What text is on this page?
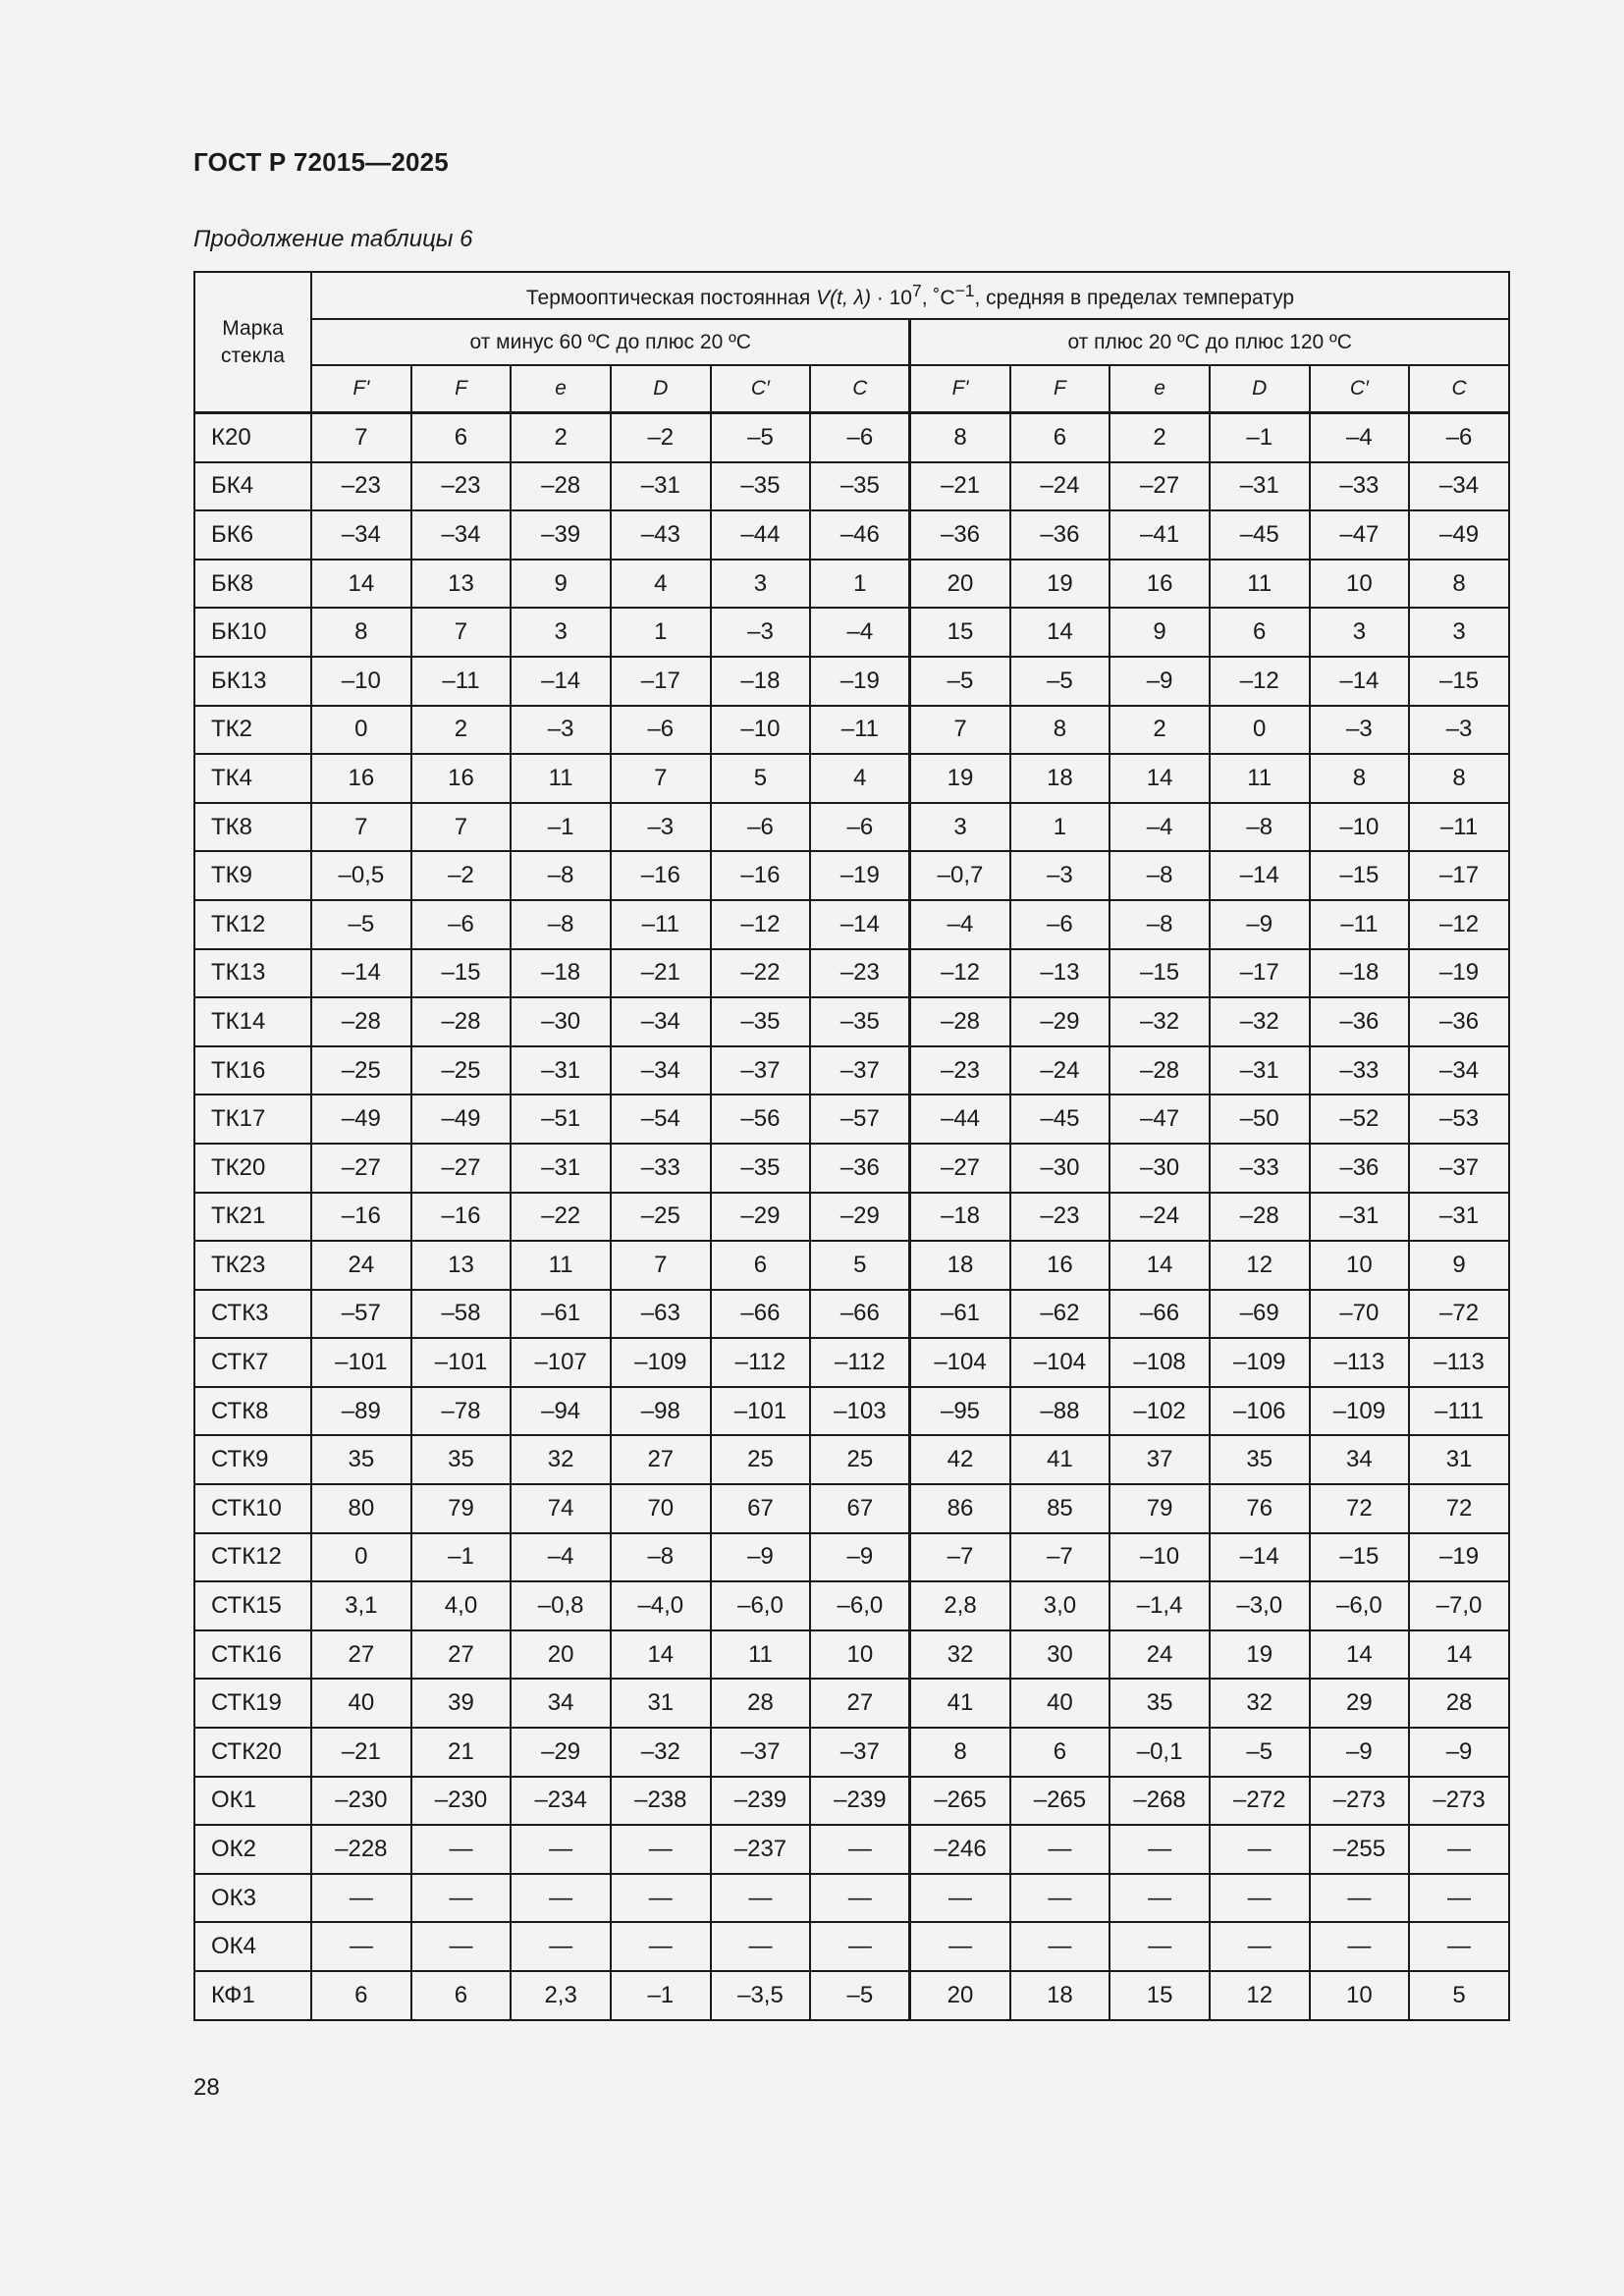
ГОСТ Р 72015—2025
Продолжение таблицы 6
Марка
стекла	Термооптическая постоянная V(t, $\lambda) \cdot 10^7$, $˚C^{-1}$, средняя в пределах температур											
	от минус 60 ºC до плюс 20 ºC						от плюс 20 ºC до плюс 120 ºC					
	F'	F	e	D	C′	C	F'	F	e	D	C′	C
К20	7	6	2	–2	–5	–6	8	6	2	–1	–4	–6
БК4	–23	–23	–28	–31	–35	–35	–21	–24	–27	–31	–33	–34
БК6	–34	–34	–39	–43	–44	–46	–36	–36	–41	–45	–47	–49
БК8	14	13	9	4	3	1	20	19	16	11	10	8
БК10	8	7	3	1	–3	–4	15	14	9	6	3	3
БК13	–10	–11	–14	–17	–18	–19	–5	–5	–9	–12	–14	–15
ТК2	0	2	–3	–6	–10	–11	7	8	2	0	–3	–3
ТК4	16	16	11	7	5	4	19	18	14	11	8	8
ТК8	7	7	–1	–3	–6	–6	3	1	–4	–8	–10	–11
ТК9	–0,5	–2	–8	–16	–16	–19	–0,7	–3	–8	–14	–15	–17
ТК12	–5	–6	–8	–11	–12	–14	–4	–6	–8	–9	–11	–12
ТК13	–14	–15	–18	–21	–22	–23	–12	–13	–15	–17	–18	–19
ТК14	–28	–28	–30	–34	–35	–35	–28	–29	–32	–32	–36	–36
ТК16	–25	–25	–31	–34	–37	–37	–23	–24	–28	–31	–33	–34
ТК17	–49	–49	–51	–54	–56	–57	–44	–45	–47	–50	–52	–53
ТК20	–27	–27	–31	–33	–35	–36	–27	–30	–30	–33	–36	–37
ТК21	–16	–16	–22	–25	–29	–29	–18	–23	–24	–28	–31	–31
ТК23	24	13	11	7	6	5	18	16	14	12	10	9
СТК3	–57	–58	–61	–63	–66	–66	–61	–62	–66	–69	–70	–72
СТК7	–101	–101	–107	–109	–112	–112	–104	–104	–108	–109	–113	–113
СТК8	–89	–78	–94	–98	–101	–103	–95	–88	–102	–106	–109	–111
СТК9	35	35	32	27	25	25	42	41	37	35	34	31
СТК10	80	79	74	70	67	67	86	85	79	76	72	72
СТК12	0	–1	–4	–8	–9	–9	–7	–7	–10	–14	–15	–19
СТК15	3,1	4,0	–0,8	–4,0	–6,0	–6,0	2,8	3,0	–1,4	–3,0	–6,0	–7,0
СТК16	27	27	20	14	11	10	32	30	24	19	14	14
СТК19	40	39	34	31	28	27	41	40	35	32	29	28
СТК20	–21	21	–29	–32	–37	–37	8	6	–0,1	–5	–9	–9
ОК1	–230	–230	–234	–238	–239	–239	–265	–265	–268	–272	–273	–273
ОК2	–228	—	—	—	–237	—	–246	—	—	—	–255	—
ОК3	—	—	—	—	—	—	—	—	—	—	—	—
ОК4	—	—	—	—	—	—	—	—	—	—	—	—
КФ1	6	6	2,3	–1	–3,5	–5	20	18	15	12	10	5
28
